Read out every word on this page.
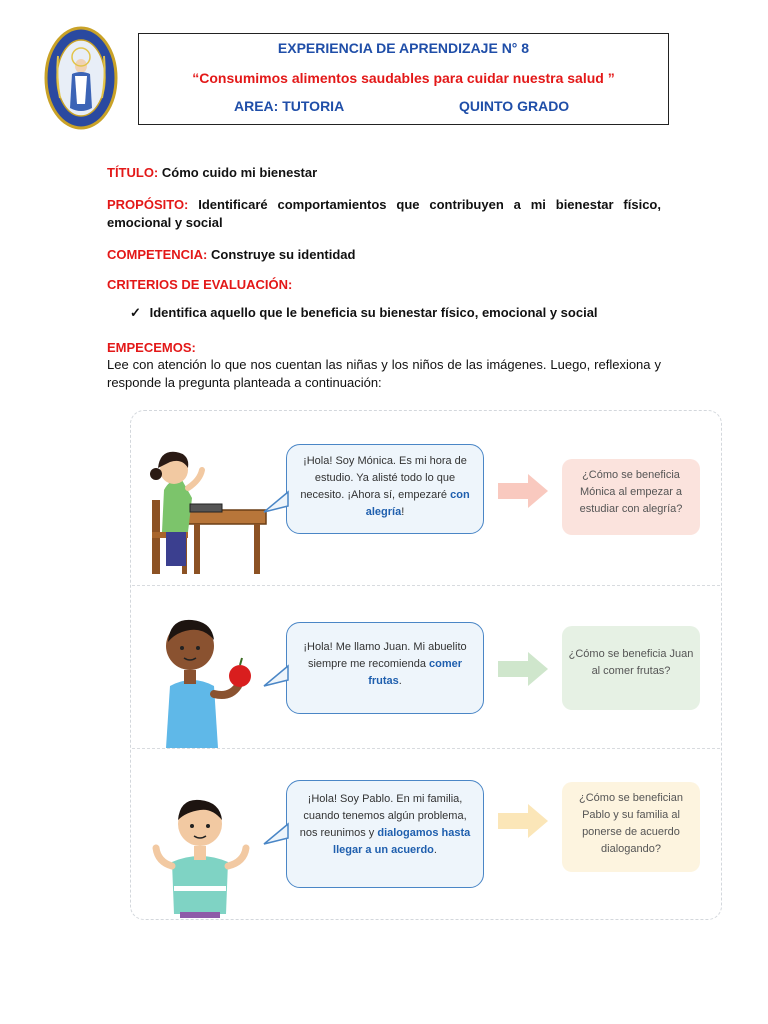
EXPERIENCIA DE APRENDIZAJE N° 8
“Consumimos alimentos saudables para cuidar nuestra salud ”
AREA: TUTORIA	QUINTO GRADO
TÍTULO: Cómo cuido mi bienestar
PROPÓSITO: Identificaré comportamientos que contribuyen a mi bienestar físico, emocional y social
COMPETENCIA: Construye su identidad
CRITERIOS DE EVALUACIÓN:
✓ Identifica aquello que le beneficia su bienestar físico, emocional y social
EMPECEMOS:
Lee con atención lo que nos cuentan las niñas y los niños de las imágenes. Luego, reflexiona y responde la pregunta planteada a continuación:
¡Hola! Soy Mónica. Es mi hora de estudio. Ya alisté todo lo que necesito. ¡Ahora sí, empezaré con alegría!
¿Cómo se beneficia Mónica al empezar a estudiar con alegría?
¡Hola! Me llamo Juan. Mi abuelito siempre me recomienda comer frutas.
¿Cómo se beneficia Juan al comer frutas?
¡Hola! Soy Pablo. En mi familia, cuando tenemos algún problema, nos reunimos y dialogamos hasta llegar a un acuerdo.
¿Cómo se benefician Pablo y su familia al ponerse de acuerdo dialogando?
